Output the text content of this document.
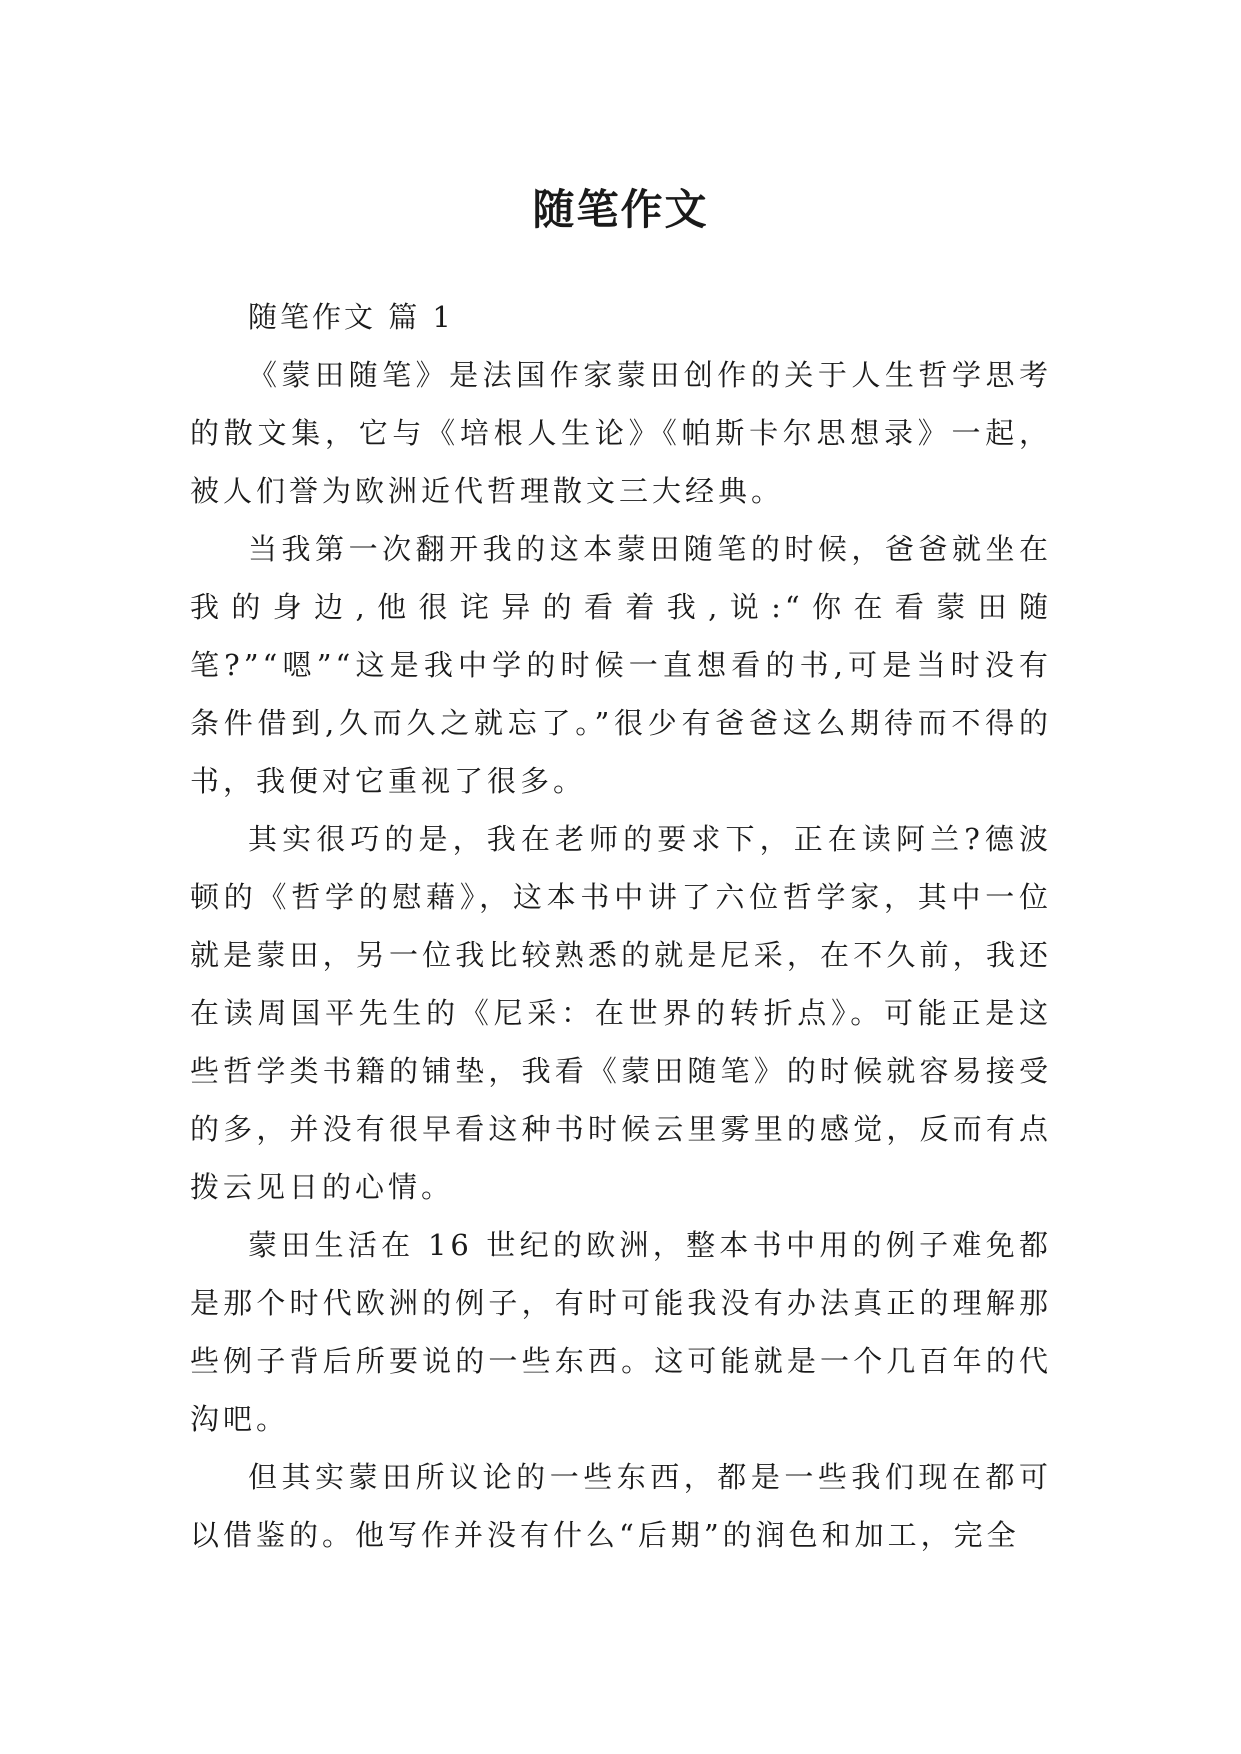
随笔作文

随笔作文 篇 1

《蒙田随笔》是法国作家蒙田创作的关于人生哲学思考的散文集，它与《培根人生论》《帕斯卡尔思想录》一起，被人们誉为欧洲近代哲理散文三大经典。

当我第一次翻开我的这本蒙田随笔的时候，爸爸就坐在我的身边,他很诧异的看着我,说:“你在看蒙田随笔?”“嗯”“这是我中学的时候一直想看的书,可是当时没有条件借到,久而久之就忘了。”很少有爸爸这么期待而不得的书，我便对它重视了很多。

其实很巧的是，我在老师的要求下，正在读阿兰?德波顿的《哲学的慰藉》，这本书中讲了六位哲学家，其中一位就是蒙田，另一位我比较熟悉的就是尼采，在不久前，我还在读周国平先生的《尼采：在世界的转折点》。可能正是这些哲学类书籍的铺垫，我看《蒙田随笔》的时候就容易接受的多，并没有很早看这种书时候云里雾里的感觉，反而有点拨云见日的心情。

蒙田生活在 16 世纪的欧洲，整本书中用的例子难免都是那个时代欧洲的例子，有时可能我没有办法真正的理解那些例子背后所要说的一些东西。这可能就是一个几百年的代沟吧。

但其实蒙田所议论的一些东西，都是一些我们现在都可以借鉴的。他写作并没有什么“后期”的润色和加工，完全
